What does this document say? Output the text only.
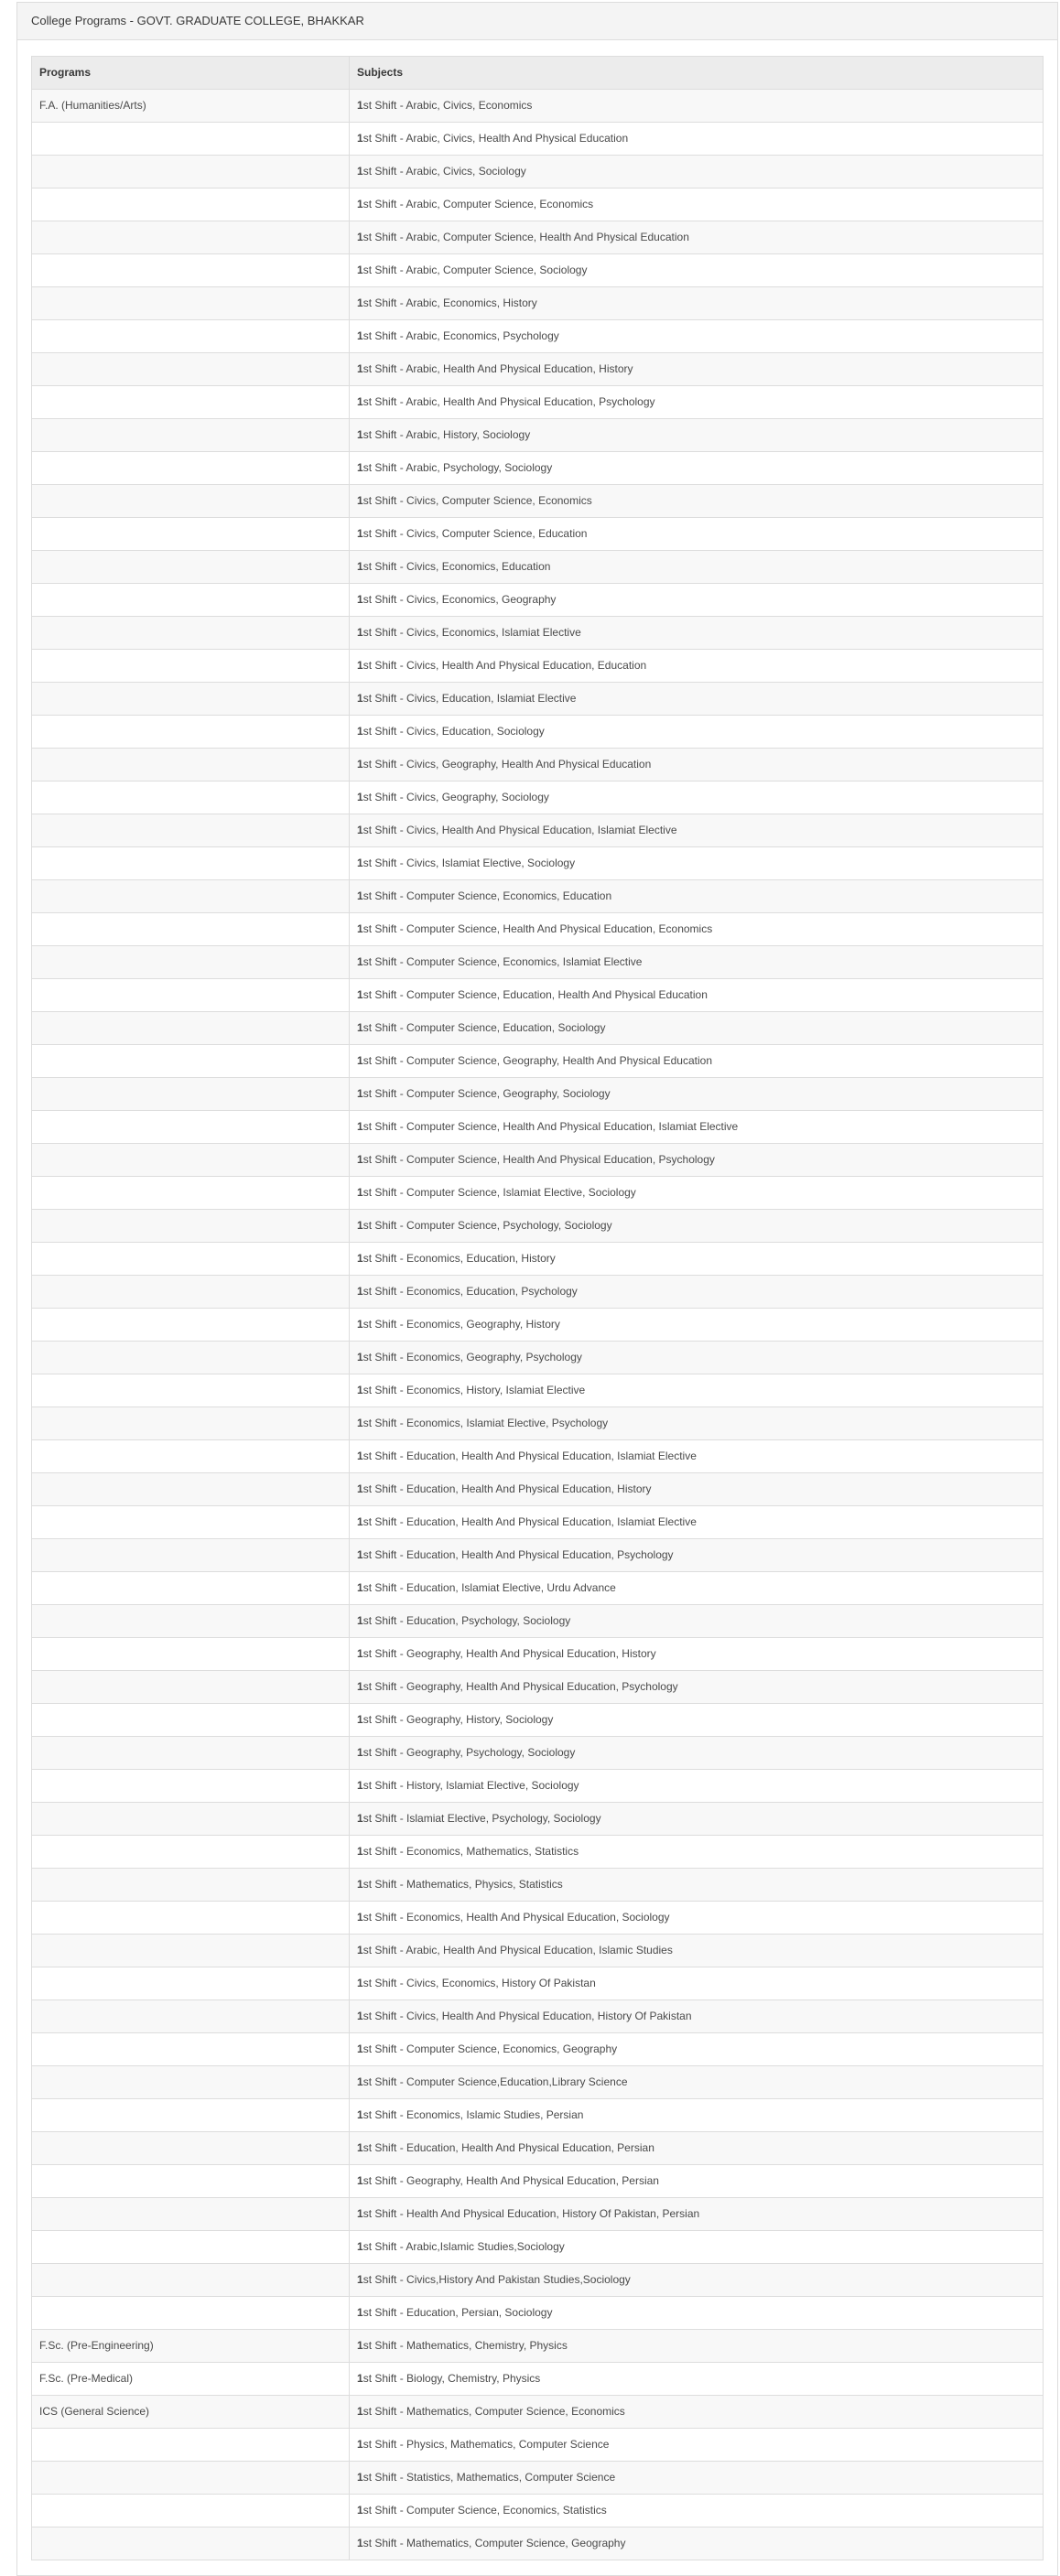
College Programs - GOVT. GRADUATE COLLEGE, BHAKKAR
Programs	Subjects
F.A. (Humanities/Arts)	1st Shift - Arabic, Civics, Economics
	1st Shift - Arabic, Civics, Health And Physical Education
	1st Shift - Arabic, Civics, Sociology
	1st Shift - Arabic, Computer Science, Economics
	1st Shift - Arabic, Computer Science, Health And Physical Education
	1st Shift - Arabic, Computer Science, Sociology
	1st Shift - Arabic, Economics, History
	1st Shift - Arabic, Economics, Psychology
	1st Shift - Arabic, Health And Physical Education, History
	1st Shift - Arabic, Health And Physical Education, Psychology
	1st Shift - Arabic, History, Sociology
	1st Shift - Arabic, Psychology, Sociology
	1st Shift - Civics, Computer Science, Economics
	1st Shift - Civics, Computer Science, Education
	1st Shift - Civics, Economics, Education
	1st Shift - Civics, Economics, Geography
	1st Shift - Civics, Economics, Islamiat Elective
	1st Shift - Civics, Health And Physical Education, Education
	1st Shift - Civics, Education, Islamiat Elective
	1st Shift - Civics, Education, Sociology
	1st Shift - Civics, Geography, Health And Physical Education
	1st Shift - Civics, Geography, Sociology
	1st Shift - Civics, Health And Physical Education, Islamiat Elective
	1st Shift - Civics, Islamiat Elective, Sociology
	1st Shift - Computer Science, Economics, Education
	1st Shift - Computer Science, Health And Physical Education, Economics
	1st Shift - Computer Science, Economics, Islamiat Elective
	1st Shift - Computer Science, Education, Health And Physical Education
	1st Shift - Computer Science, Education, Sociology
	1st Shift - Computer Science, Geography, Health And Physical Education
	1st Shift - Computer Science, Geography, Sociology
	1st Shift - Computer Science, Health And Physical Education, Islamiat Elective
	1st Shift - Computer Science, Health And Physical Education, Psychology
	1st Shift - Computer Science, Islamiat Elective, Sociology
	1st Shift - Computer Science, Psychology, Sociology
	1st Shift - Economics, Education, History
	1st Shift - Economics, Education, Psychology
	1st Shift - Economics, Geography, History
	1st Shift - Economics, Geography, Psychology
	1st Shift - Economics, History, Islamiat Elective
	1st Shift - Economics, Islamiat Elective, Psychology
	1st Shift - Education, Health And Physical Education, Islamiat Elective
	1st Shift - Education, Health And Physical Education, History
	1st Shift - Education, Health And Physical Education, Islamiat Elective
	1st Shift - Education, Health And Physical Education, Psychology
	1st Shift - Education, Islamiat Elective, Urdu Advance
	1st Shift - Education, Psychology, Sociology
	1st Shift - Geography, Health And Physical Education, History
	1st Shift - Geography, Health And Physical Education, Psychology
	1st Shift - Geography, History, Sociology
	1st Shift - Geography, Psychology, Sociology
	1st Shift - History, Islamiat Elective, Sociology
	1st Shift - Islamiat Elective, Psychology, Sociology
	1st Shift - Economics, Mathematics, Statistics
	1st Shift - Mathematics, Physics, Statistics
	1st Shift - Economics, Health And Physical Education, Sociology
	1st Shift - Arabic, Health And Physical Education, Islamic Studies
	1st Shift - Civics, Economics, History Of Pakistan
	1st Shift - Civics, Health And Physical Education, History Of Pakistan
	1st Shift - Computer Science, Economics, Geography
	1st Shift - Computer Science,Education,Library Science
	1st Shift - Economics, Islamic Studies, Persian
	1st Shift - Education, Health And Physical Education, Persian
	1st Shift - Geography, Health And Physical Education, Persian
	1st Shift - Health And Physical Education, History Of Pakistan, Persian
	1st Shift - Arabic,Islamic Studies,Sociology
	1st Shift - Civics,History And Pakistan Studies,Sociology
	1st Shift - Education, Persian, Sociology
F.Sc. (Pre-Engineering)	1st Shift - Mathematics, Chemistry, Physics
F.Sc. (Pre-Medical)	1st Shift - Biology, Chemistry, Physics
ICS (General Science)	1st Shift - Mathematics, Computer Science, Economics
	1st Shift - Physics, Mathematics, Computer Science
	1st Shift - Statistics, Mathematics, Computer Science
	1st Shift - Computer Science, Economics, Statistics
	1st Shift - Mathematics, Computer Science, Geography
